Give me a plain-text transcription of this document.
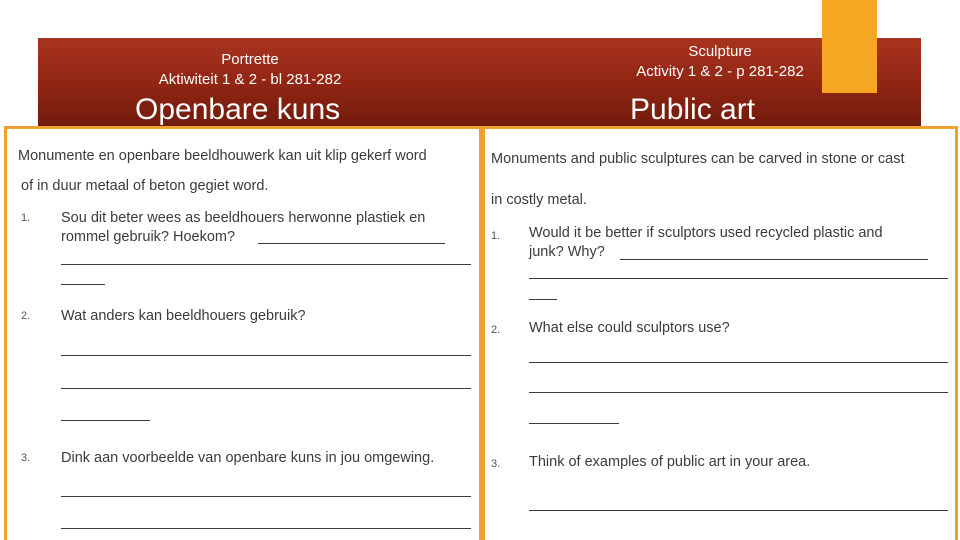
Portrette
Aktiwiteit 1 & 2 - bl 281-282
Sculpture
Activity 1 & 2 - p 281-282
Openbare kuns	Public art
Monumente en openbare beeldhouwerk kan uit klip gekerf word
of in duur metaal of beton gegiet word.
1. Sou dit beter wees as beeldhouers herwonne plastiek en
rommel gebruik? Hoekom?
2. Wat anders kan beeldhouers gebruik?
3. Dink aan voorbeelde van openbare kuns in jou omgewing.
Monuments and public sculptures can be carved in stone or cast
in costly metal.
1. Would it be better if sculptors used recycled plastic and
junk? Why?
2. What else could sculptors use?
3. Think of examples of public art in your area.
